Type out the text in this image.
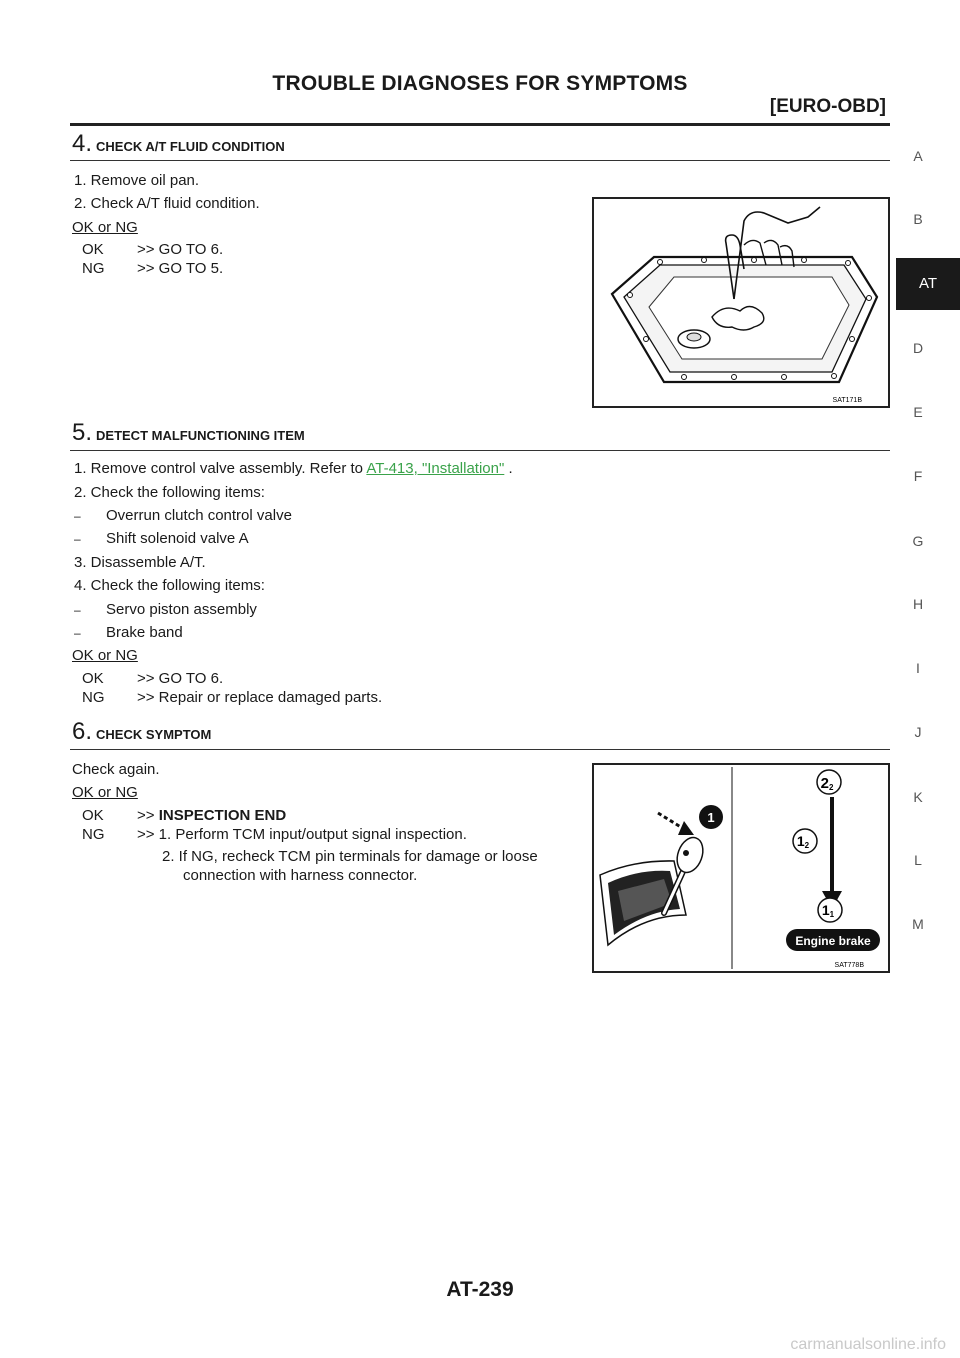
TROUBLE DIAGNOSES FOR SYMPTOMS
[EURO-OBD]
AT
A
B
D
E
F
G
H
I
J
K
L
M
4. CHECK A/T FLUID CONDITION
1. Remove oil pan.
2. Check A/T fluid condition.
OK or NG
OK >> GO TO 6.
NG >> GO TO 5.
SAT171B
5. DETECT MALFUNCTIONING ITEM
1. Remove control valve assembly. Refer to AT-413, "Installation" .
2. Check the following items:
– Overrun clutch control valve
– Shift solenoid valve A
3. Disassemble A/T.
4. Check the following items:
– Servo piston assembly
– Brake band
OK or NG
OK >> GO TO 6.
NG >> Repair or replace damaged parts.
6. CHECK SYMPTOM
Check again.
OK or NG
OK >> INSPECTION END
NG >> 1. Perform TCM input/output signal inspection.
2. If NG, recheck TCM pin terminals for damage or loose
connection with harness connector.
1
22
12
11
Engine brake
SAT778B
AT-239
carmanualsonline.info
